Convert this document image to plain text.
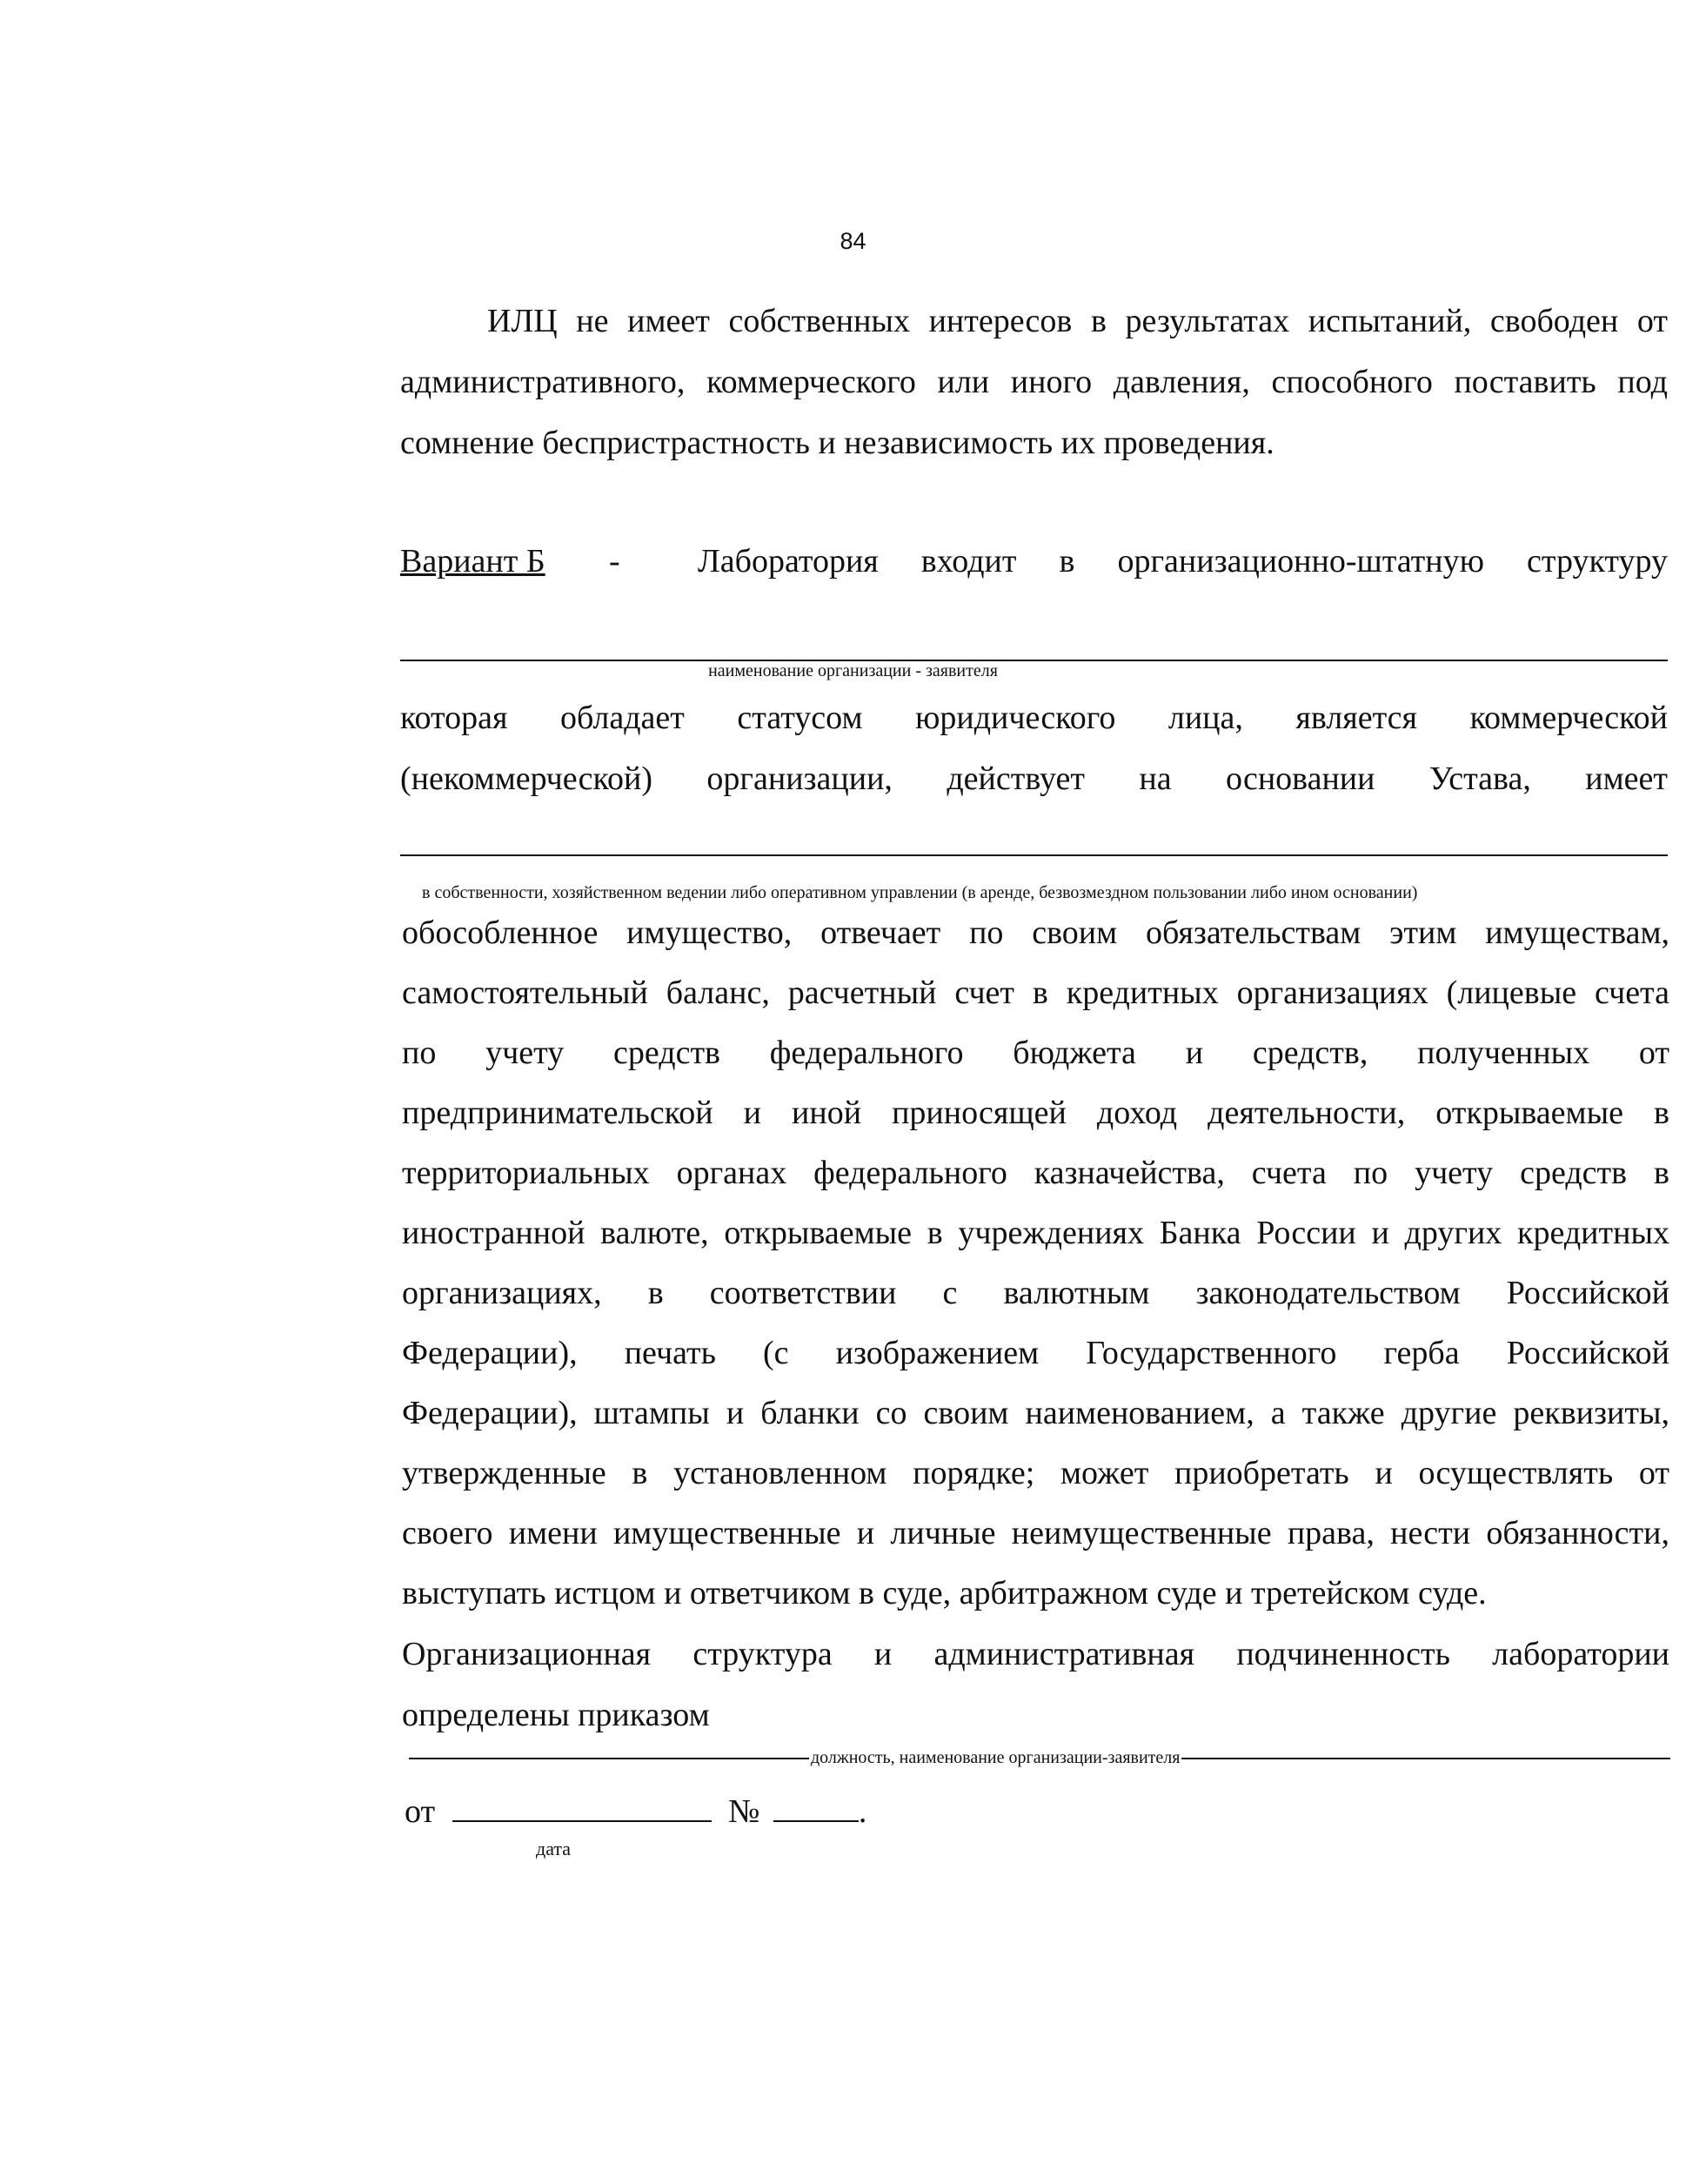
84
ИЛЦ не имеет собственных интересов в результатах испытаний, свободен от
административного, коммерческого или иного давления, способного поставить под
сомнение беспристрастность и независимость их проведения.
Вариант Б - Лаборатория входит в организационно-штатную структуру
наименование организации - заявителя
которая обладает статусом юридического лица, является коммерческой
(некоммерческой) организации, действует на основании Устава, имеет
в собственности, хозяйственном ведении либо оперативном управлении (в аренде, безвозмездном пользовании либо ином основании)
обособленное имущество, отвечает по своим обязательствам этим имуществам,
самостоятельный баланс, расчетный счет в кредитных организациях (лицевые счета
по учету средств федерального бюджета и средств, полученных от
предпринимательской и иной приносящей доход деятельности, открываемые в
территориальных органах федерального казначейства, счета по учету средств в
иностранной валюте, открываемые в учреждениях Банка России и других кредитных
организациях, в соответствии с валютным законодательством Российской
Федерации), печать (с изображением Государственного герба Российской
Федерации), штампы и бланки со своим наименованием, а также другие реквизиты,
утвержденные в установленном порядке; может приобретать и осуществлять от
своего имени имущественные и личные неимущественные права, нести обязанности,
выступать истцом и ответчиком в суде, арбитражном суде и третейском суде.
Организационная структура и административная подчиненность лаборатории
определены приказом
должность, наименование организации-заявителя
от	№	.
дата
